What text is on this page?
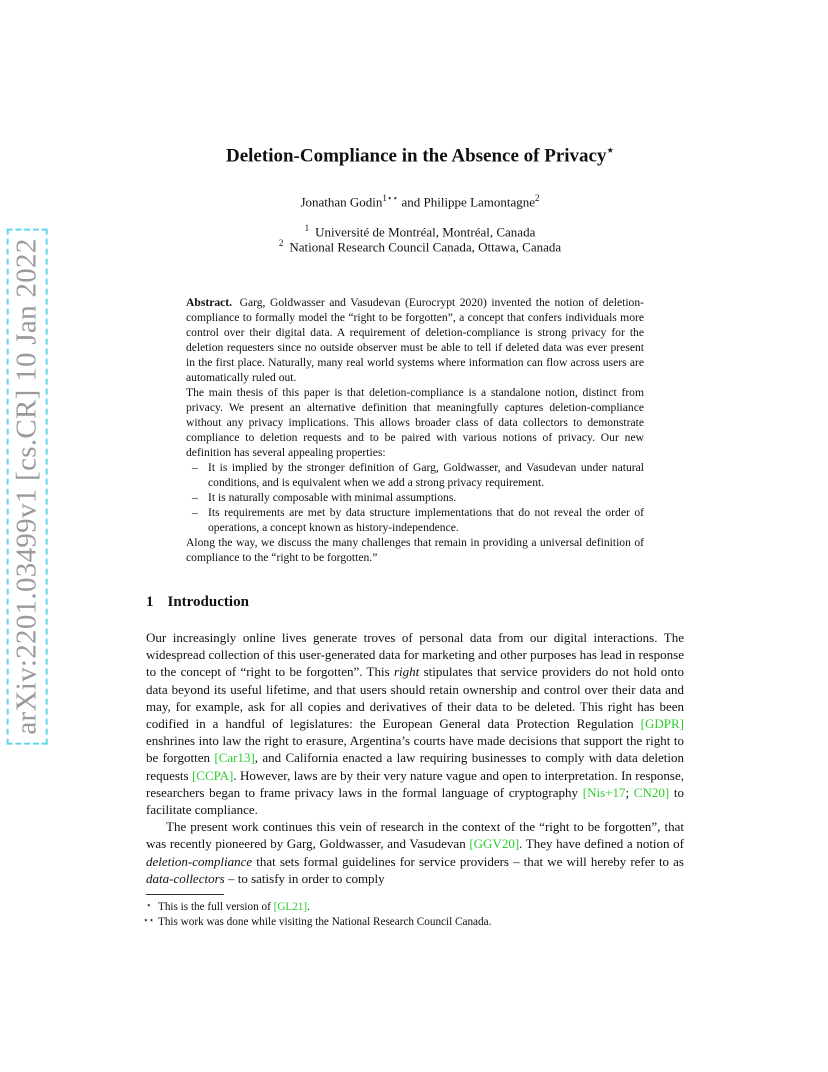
arXiv:2201.03499v1 [cs.CR] 10 Jan 2022
Deletion-Compliance in the Absence of Privacy⋆
Jonathan Godin$^{1⋆⋆}$ and Philippe Lamontagne$^2$
$^1$ Université de Montréal, Montréal, Canada
$^2$ National Research Council Canada, Ottawa, Canada

Abstract. Garg, Goldwasser and Vasudevan (Eurocrypt 2020) invented the notion of deletion-compliance to formally model the “right to be forgotten”, a concept that confers individuals more control over their digital data. A requirement of deletion-compliance is strong privacy for the deletion requesters since no outside observer must be able to tell if deleted data was ever present in the first place. Naturally, many real world systems where information can flow across users are automatically ruled out.

The main thesis of this paper is that deletion-compliance is a standalone notion, distinct from privacy. We present an alternative definition that meaningfully captures deletion-compliance without any privacy implications. This allows broader class of data collectors to demonstrate compliance to deletion requests and to be paired with various notions of privacy. Our new definition has several appealing properties:

– It is implied by the stronger definition of Garg, Goldwasser, and Vasudevan under natural conditions, and is equivalent when we add a strong privacy requirement.
– It is naturally composable with minimal assumptions.
– Its requirements are met by data structure implementations that do not reveal the order of operations, a concept known as history-independence.

Along the way, we discuss the many challenges that remain in providing a universal definition of compliance to the “right to be forgotten.”

1 Introduction

Our increasingly online lives generate troves of personal data from our digital interactions. The widespread collection of this user-generated data for marketing and other purposes has lead in response to the concept of “right to be forgotten”. This right stipulates that service providers do not hold onto data beyond its useful lifetime, and that users should retain ownership and control over their data and may, for example, ask for all copies and derivatives of their data to be deleted. This right has been codified in a handful of legislatures: the European General data Protection Regulation [GDPR] enshrines into law the right to erasure, Argentina’s courts have made decisions that support the right to be forgotten [Car13], and California enacted a law requiring businesses to comply with data deletion requests [CCPA]. However, laws are by their very nature vague and open to interpretation. In response, researchers began to frame privacy laws in the formal language of cryptography [Nis+17; CN20] to facilitate compliance.

The present work continues this vein of research in the context of the “right to be forgotten”, that was recently pioneered by Garg, Goldwasser, and Vasudevan [GGV20]. They have defined a notion of deletion-compliance that sets formal guidelines for service providers – that we will hereby refer to as data-collectors – to satisfy in order to comply

⋆ This is the full version of [GL21].

⋆⋆ This work was done while visiting the National Research Council Canada.
